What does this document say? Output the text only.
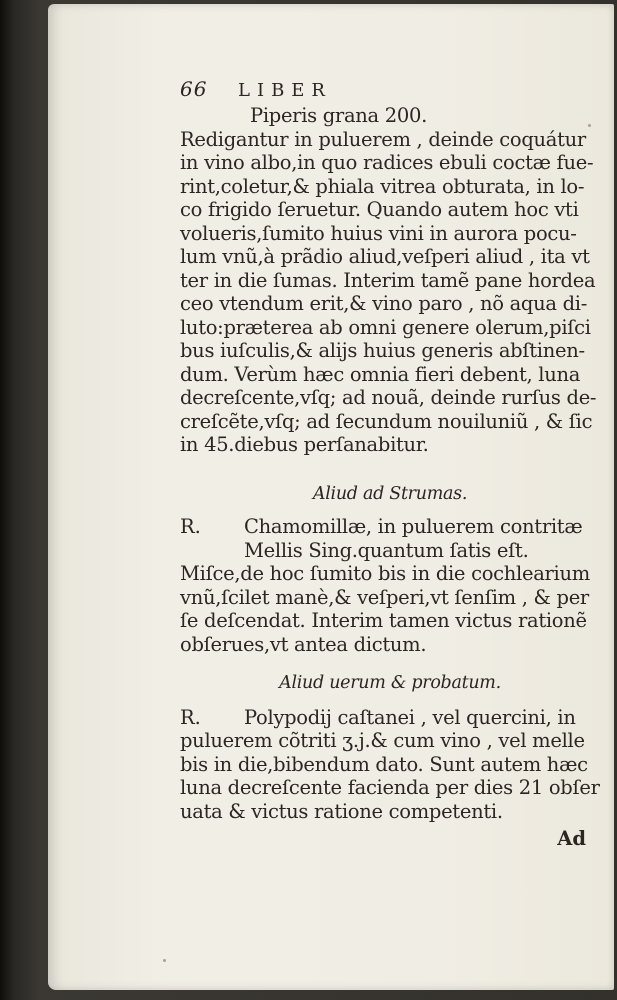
66	LIBER
Piperis grana 200.
Redigantur in puluerem , deinde coquátur
in vino albo,in quo radices ebuli coctæ fue-
rint,coletur,& phiala vitrea obturata, in lo-
co frigido ſeruetur. Quando autem hoc vti
volueris,ſumito huius vini in aurora pocu-
lum vnũ,à prãdio aliud,veſperi aliud , ita vt
ter in die ſumas. Interim tamẽ pane hordea
ceo vtendum erit,& vino paro , nõ aqua di-
luto:præterea ab omni genere olerum,piſci
bus iuſculis,& alijs huius generis abſtinen-
dum. Verùm hæc omnia fieri debent, luna
decreſcente,vſq; ad nouã, deinde rurſus de-
creſcẽte,vſq; ad ſecundum nouiluniũ , & ſic
in 45.diebus perſanabitur.
Aliud ad Strumas.
R.	Chamomillæ, in puluerem contritæ
Mellis Sing.quantum ſatis eſt.
Miſce,de hoc ſumito bis in die cochlearium
vnũ,ſcilet manè,& veſperi,vt ſenſim , & per
ſe deſcendat. Interim tamen victus rationẽ
obſerues,vt antea dictum.
Aliud uerum & probatum.
R.	Polypodij caſtanei , vel quercini, in
puluerem cõtriti ʒ.j.& cum vino , vel melle
bis in die,bibendum dato. Sunt autem hæc
luna decreſcente facienda per dies 21 obſer
uata & victus ratione competenti.
Ad
